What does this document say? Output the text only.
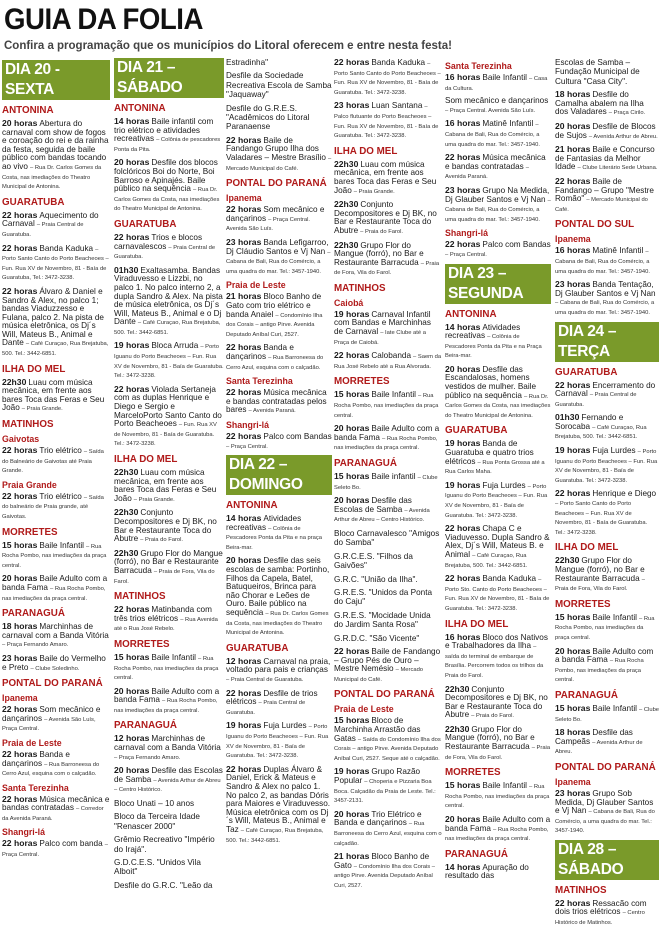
GUIA DA FOLIA
Confira a programação que os municípios do Litoral oferecem e entre nesta festa!
DIA 20 - SEXTA
ANTONINA
20 horas Abertura do carnaval com show de fogos e coroação do rei e da rainha da festa, seguida de baile público com bandas tocando ao vivo – Rua Dr. Carlos Gomes da Costa, nas imediações do Theatro Municipal de Antonina.
GUARATUBA
22 horas Aquecimento do Carnaval – Praia Central de Guaratuba.
22 horas Banda Kaduka – Porto Santo Canto do Porto Beacheoes – Fun. Rua XV de Novembro, 81 - Baía de Guaratuba, Tel.: 3472-3238.
22 horas Álvaro & Daniel e Sandro & Alex, no palco 1; bandas Viaduzzesso e Fulana, palco 2. Na pista de música eletrônica, os Dj´s Will, Mateus B., Animal e Dante – Café Curaçao, Rua Brejatuba, 500. Tel.: 3442-6851.
ILHA DO MEL
22h30 Luau com música mecânica, em frente aos bares Toca das Feras e Seu João – Praia Grande.
MATINHOS
Gaivotas
22 horas Trio elétrico – Saída do Balneário de Gaivotas até Praia Grande.
Praia Grande
22 horas Trio elétrico – Saída do balneário de Praia grande, até Gaivotas.
MORRETES
15 horas Baile Infantil – Rua Rocha Pombo, nas imediações da praça central.
20 horas Baile Adulto com a banda Fama – Rua Rocha Pombo, nas imediações da praça central.
PARANAGUÁ
18 horas Marchinhas de carnaval com a Banda Vitória – Praça Fernando Amaro.
23 horas Baile do Vermelho e Preto – Clube Soledinho.
PONTAL DO PARANÁ
Ipanema
22 horas Som mecânico e dançarinos – Avenida São Luís, Praça Central.
Praia de Leste
22 horas Banda e dançarinos – Rua Barroneesa do Cerro Azul, esquina com o calçadão.
Santa Terezinha
22 horas Música mecânica e bandas contratadas – Corredor da Avenida Paraná.
Shangri-lá
22 horas Palco com banda – Praça Central.
DIA 21 – SÁBADO
ANTONINA
14 horas Baile infantil com trio elétrico e atividades recreativas – Colônia de pescadores Ponta da Pita.
20 horas Desfile dos blocos folclóricos Boi do Norte, Boi Barroso e Apinajés. Baile público na sequência – Rua Dr. Carlos Gomes da Costa, nas imediações do Theatro Municipal de Antonina.
GUARATUBA
22 horas Trios e blocos carnavalescos – Praia Central de Guaratuba.
01h30 Exaltasamba. Bandas Viraduvesso e Lizzbi, no palco 1. No palco interno 2, a dupla Sandro & Alex. Na pista de música eletrônica, os Dj´s Will, Mateus B., Animal e o Dj Dante – Café Curaçao, Rua Brejatuba, 500. Tel.: 3442-6851.
19 horas Bloca Arruda – Porto Iguanu do Porto Beacheoes – Fun. Rua XV de Novembro, 81 - Baía de Guaratuba. Tel.: 3472-3238.
22 horas Violada Sertaneja com as duplas Henrique e Diego e Sergio e MarceloPorto Santo Canto do Porto Beacheoes – Fun. Rua XV de Novembro, 81 - Baía de Guaratuba. Tel.: 3472-3238.
ILHA DO MEL
22h30 Luau com música mecânica, em frente aos bares Toca das Feras e Seu João – Praia Grande.
22h30 Conjunto Decompositores e Dj BK, no Bar e Restaurante Toca do Abutre – Praia do Farol.
22h30 Grupo Flor do Mangue (forró), no Bar e Restaurante Barracuda – Praia de Fora, Vila do Farol.
MATINHOS
22 horas Matinbanda com três trios elétricos – Rua Avenida até o Rua José Rebelo.
MORRETES
15 horas Baile Infantil – Rua Rocha Pombo, nas imediações da praça central.
20 horas Baile Adulto com a banda Fama – Rua Rocha Pombo, nas imediações da praça central.
PARANAGUÁ
12 horas Marchinhas de carnaval com a Banda Vitória – Praça Fernando Amaro.
20 horas Desfile das Escolas de Samba – Avenida Arthur de Abreu – Centro Histórico.
Bloco Unati – 10 anos
Bloco da Terceira Idade "Renascer 2000"
Grêmio Recreativo "Império do Irajá".
G.D.C.E.S. "Unidos Vila Alboit"
Desfile do G.R.C. "Leão da
Estradinha"
Desfile da Sociedade Recreativa Escola de Samba "Jaquaway"
Desfile do G.R.E.S. "Acadêmicos do Litoral Paranaense
22 horas Baile de Fandango Grupo Ilha dos Valadares – Mestre Brasílio – Mercado Municipal do Café.
PONTAL DO PARANÁ
Ipanema
22 horas Som mecânico e dançarinos – Praça Central. Avenida São Luís.
23 horas Banda Lefigarroo, Dj Cláudio Santos e Vj Nan – Cabana de Bali, Rua do Comércio, a uma quadra do mar. Tel.: 3457-1940.
Praia de Leste
21 horas Bloco Banho de Gato com trio elétrico e banda Anaiel – Condomínio Ilha dos Corais – antigo Pirve. Avenida Deputado Aníbal Curi, 2527.
22 horas Banda e dançarinos – Rua Barroneesa do Cerro Azul, esquina com o calçadão.
Santa Terezinha
22 horas Música mecânica e bandas contratadas pelos bares – Avenida Paraná.
Shangri-lá
22 horas Palco com Bandas – Praça Central.
DIA 22 – DOMINGO
ANTONINA
14 horas Atividades recreativas – Colônia de Pescadores Ponta da Pita e na praça Beira-mar.
20 horas Desfile das seis escolas de samba: Portinho, Filhos da Capela, Batel, Batuqueiros, Brinca para não Chorar e Leões de Ouro. Baile público na sequência – Rua Dr. Carlos Gomes da Costa, nas imediações do Theatro Municipal de Antonina.
GUARATUBA
12 horas Carnaval na praia, voltado para pais e crianças – Praia Central de Guaratuba.
22 horas Desfile de trios elétricos – Praia Central de Guaratuba.
19 horas Fuja Lurdes – Porto Iguanu do Porto Beacheoes – Fun. Rua XV de Novembro, 81 - Baía de Guaratuba. Tel.: 3472-3238.
22 horas Duplas Álvaro & Daniel, Erick & Mateus e Sandro & Alex no palco 1. No palco 2, as bandas Dóris para Maiores e Viraduvesso. Música eletrônica com os Dj´s Will, Mateus B., Animal e Taz – Café Curaçao, Rua Brejatuba, 500. Tel.: 3442-6851.
22 horas Banda Kaduka – Porto Santo Canto do Porto Beacheoes – Fun. Rua XV de Novembro, 81 - Baía de Guaratuba. Tel.: 3472-3238.
23 horas Luan Santana – Palco flutuante do Porto Beacheoes – Fun. Rua XV de Novembro, 81 - Baía de Guaratuba. Tel.: 3472-3238.
ILHA DO MEL
22h30 Luau com música mecânica, em frente aos bares Toca das Feras e Seu João – Praia Grande.
22h30 Conjunto Decompositores e Dj BK, no Bar e Restaurante Toca do Abutre – Praia do Farol.
22h30 Grupo Flor do Mangue (forró), no Bar e Restaurante Barracuda – Praia de Fora, Vila do Farol.
MATINHOS
Caiobá
19 horas Carnaval Infantil com Bandas e Marchinhas de Carnaval – Iate Clube até a Praça de Caiobá.
22 horas Calobanda – Saem da Rua José Rebelo até a Rua Alvorada.
MORRETES
15 horas Baile Infantil – Rua Rocha Pombo, nas imediações da praça central.
20 horas Baile Adulto com a banda Fama – Rua Rocha Pombo, nas imediações da praça central.
PARANAGUÁ
15 horas Baile infantil – Clube Seleto Bo.
20 horas Desfile das Escolas de Samba – Avenida Arthur de Abreu – Centro Histórico.
Bloco Carnavalesco "Amigos do Samba"
G.R.C.E.S. "Filhos da Gaivões"
G.R.C. "União da Ilha".
G.R.E.S. "Unidos da Ponta do Caju"
G.R.E.S. "Mocidade Unida do Jardim Santa Rosa"
G.R.D.C. "São Vicente"
22 horas Baile de Fandango – Grupo Pés de Ouro – Mestre Nemésio – Mercado Municipal do Café.
PONTAL DO PARANÁ
Praia de Leste
15 horas Bloco de Marchinha Arrastão das Gatas – Saída do Condomínio Ilha dos Corais – antigo Pirve. Avenida Deputado Aníbal Curi, 2527. Seque até o calçadão.
19 horas Grupo Razão Popular – Choperia e Pizzaria Boa Boca. Calçadão da Praia de Leste. Tel.: 3457-2131.
20 horas Trio Elétrico e Banda e dançarinos – Rua Barroneesa do Cerro Azul, esquina com o calçadão.
21 horas Bloco Banho de Gato – Condomínio Ilha dos Corais – antigo Pirve. Avenida Deputado Aníbal Curi, 2527.
Santa Terezinha
16 horas Baile Infantil – Casa da Cultura.
Som mecânico e dançarinos – Praça Central. Avenida São Luís.
16 horas Matinê Infantil – Cabana de Bali, Rua do Comércio, a uma quadra do mar. Tel.: 3457-1940.
22 horas Música mecânica e bandas contratadas – Avenida Paraná.
23 horas Grupo Na Medida, Dj Glauber Santos e Vj Nan – Cabana de Bali, Rua do Comércio, a uma quadra do mar. Tel.: 3457-1940.
Shangri-lá
22 horas Palco com Bandas – Praça Central.
DIA 23 – SEGUNDA
ANTONINA
14 horas Atividades recreativas – Colônia de Pescadores Ponta da Pita e na Praça Beira-mar.
20 horas Desfile das Escandalosas, homens vestidos de mulher. Baile público na sequência – Rua Dr. Carlos Gomes da Costa, nas imediações do Theatro Municipal de Antonina.
GUARATUBA
19 horas Banda de Guaratuba e quatro trios elétricos – Rua Ponta Grossa até a Rua Carlos Maha.
19 horas Fuja Lurdes – Porto Iguanu do Porto Beacheoes – Fun. Rua XV de Novembro, 81 - Baía de Guaratuba. Tel.: 3472-3238.
22 horas Chapa C e Viaduvesso. Dupla Sandro & Alex, Dj´s Will, Mateus B. e Animal – Café Curaçao, Rua Brejatuba, 500. Tel.: 3442-6851.
22 horas Banda Kaduka – Porto Sto. Canto do Porto Beacheoes – Fun. Rua XV de Novembro, 81 - Baía de Guaratuba. Tel.: 3472-3238.
ILHA DO MEL
16 horas Bloco dos Nativos e Trabalhadores da Ilha – saída do terminal de embarque de Brasília. Percorrem todos os trilhos da Praia do Farol.
22h30 Conjunto Decompositores e Dj BK, no Bar e Restaurante Toca do Abutre – Praia do Farol.
22h30 Grupo Flor do Mangue (forró), no Bar e Restaurante Barracuda – Praia de Fora, Vila do Farol.
MORRETES
15 horas Baile Infantil – Rua Rocha Pombo, nas imediações da praça central.
20 horas Baile Adulto com a banda Fama – Rua Rocha Pombo, nas imediações da praça central.
PARANAGUÁ
14 horas Apuração do resultado das
Escolas de Samba – Fundação Municipal de Cultura "Casa City".
18 horas Desfile do Camalha abalem na Ilha dos Valadares – Praça Cirilo.
20 horas Desfile de Blocos de Sujos – Avenida Arthur de Abreu.
21 horas Baile e Concurso de Fantasias da Melhor Idade – Clube Literário Sede Urbana.
22 horas Baile de Fandango – Grupo "Mestre Romão" – Mercado Municipal do Café.
PONTAL DO SUL
Ipanema
16 horas Matinê Infantil – Cabana de Bali, Rua do Comércio, a uma quadra do mar. Tel.: 3457-1940.
23 horas Banda Tentação, Dj Glauber Santos e Vj Nan – Cabana de Bali, Rua do Comércio, a uma quadra do mar. Tel.: 3457-1940.
DIA 24 – TERÇA
GUARATUBA
22 horas Encerramento do Carnaval – Praia Central de Guaratuba.
01h30 Fernando e Sorocaba – Café Curaçao, Rua Brejatuba, 500. Tel.: 3442-6851.
19 horas Fuja Lurdes – Porto Iguanu do Porto Beacheoes – Fun. Rua XV de Novembro, 81 - Baía de Guaratuba. Tel.: 3472-3238.
22 horas Henrique e Diego – Porto Santo Canto do Porto Beacheoes – Fun. Rua XV de Novembro, 81 - Baía de Guaratuba. Tel.: 3472-3238.
ILHA DO MEL
22h30 Grupo Flor do Mangue (forró), no Bar e Restaurante Barracuda – Praia de Fora, Vila do Farol.
MORRETES
15 horas Baile Infantil – Rua Rocha Pombo, nas imediações da praça central.
20 horas Baile Adulto com a banda Fama – Rua Rocha Pombo, nas imediações da praça central.
PARANAGUÁ
15 horas Baile Infantil – Clube Seleto Bo.
18 horas Desfile das Campeãs – Avenida Arthur de Abreu.
PONTAL DO PARANÁ
Ipanema
23 horas Grupo Sob Medida, Dj Glauber Santos e Vj Nan – Cabana de Bali, Rua do Comércio, a uma quadra do mar. Tel.: 3457-1940.
DIA 28 – SÁBADO
MATINHOS
22 horas Ressacão com dois trios elétricos – Centro Histórico de Matinhos.
